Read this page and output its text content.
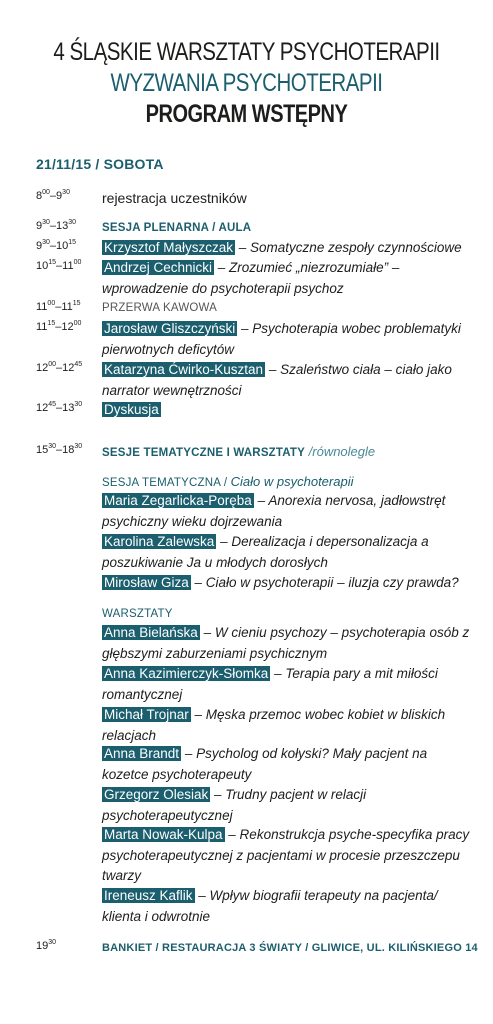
4 ŚLĄSKIE WARSZTATY PSYCHOTERAPII
WYZWANIA PSYCHOTERAPII
PROGRAM WSTĘPNY
21/11/15 / SOBOTA
$8^{00}-9^{30}$ rejestracja uczestników
$9^{30}-13^{30}$ SESJA PLENARNA / AULA
$9^{30}-10^{15}$ Krzysztof Małyszczak – Somatyczne zespoły czynnościowe
$10^{15}-11^{00}$ Andrzej Cechnicki – Zrozumieć „niezrozumiałe” – wprowadzenie do psychoterapii psychoz
$11^{00}-11^{15}$ PRZERWA KAWOWA
$11^{15}-12^{00}$ Jarosław Gliszczyński – Psychoterapia wobec problematyki pierwotnych deficytów
$12^{00}-12^{45}$ Katarzyna Ćwirko-Kusztan – Szaleństwo ciała – ciało jako narrator wewnętrzności
$12^{45}-13^{30}$ Dyskusja
$15^{30}-18^{30}$
SESJE TEMATYCZNE I WARSZTATY /równolegle
SESJA TEMATYCZNA / Ciało w psychoterapii
Maria Zegarlicka-Poręba – Anorexia nervosa, jadłowstręt psychiczny wieku dojrzewania
Karolina Zalewska – Derealizacja i depersonalizacja a poszukiwanie Ja u młodych dorosłych
Mirosław Giza – Ciało w psychoterapii – iluzja czy prawda?
WARSZTATY
Anna Bielańska – W cieniu psychozy – psychoterapia osób z głębszymi zaburzeniami psychicznym
Anna Kazimierczyk-Słomka – Terapia pary a mit miłości romantycznej
Michał Trojnar – Męska przemoc wobec kobiet w bliskich relacjach
Anna Brandt – Psycholog od kołyski? Mały pacjent na kozetce psychoterapeuty
Grzegorz Olesiak – Trudny pacjent w relacji psychoterapeutycznej
Marta Nowak-Kulpa – Rekonstrukcja psyche-specyfika pracy psychoterapeutycznej z pacjentami w procesie przeszczepu twarzy
Ireneusz Kaflik – Wpływ biografii terapeuty na pacjenta/ klienta i odwrotnie
$19^{30}$	BANKIET / RESTAURACJA 3 ŚWIATY / GLIWICE, UL. KILIŃSKIEGO 14
